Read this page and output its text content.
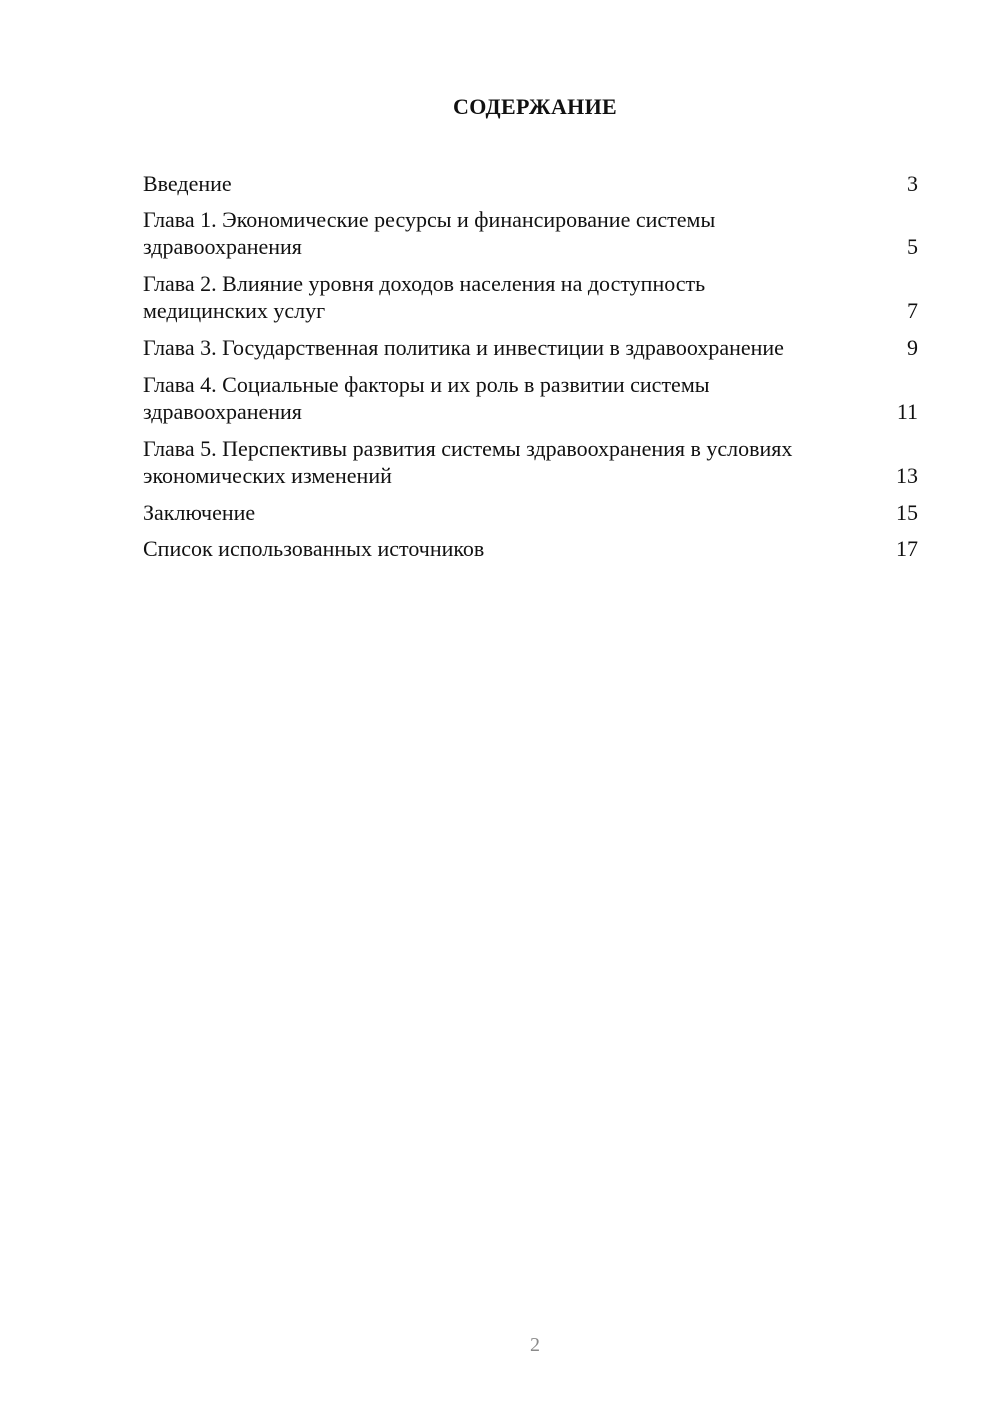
СОДЕРЖАНИЕ
Введение	3
Глава 1. Экономические ресурсы и финансирование системы здравоохранения	5
Глава 2. Влияние уровня доходов населения на доступность медицинских услуг	7
Глава 3. Государственная политика и инвестиции в здравоохранение	9
Глава 4. Социальные факторы и их роль в развитии системы здравоохранения	11
Глава 5. Перспективы развития системы здравоохранения в условиях экономических изменений	13
Заключение	15
Список использованных источников	17
2
